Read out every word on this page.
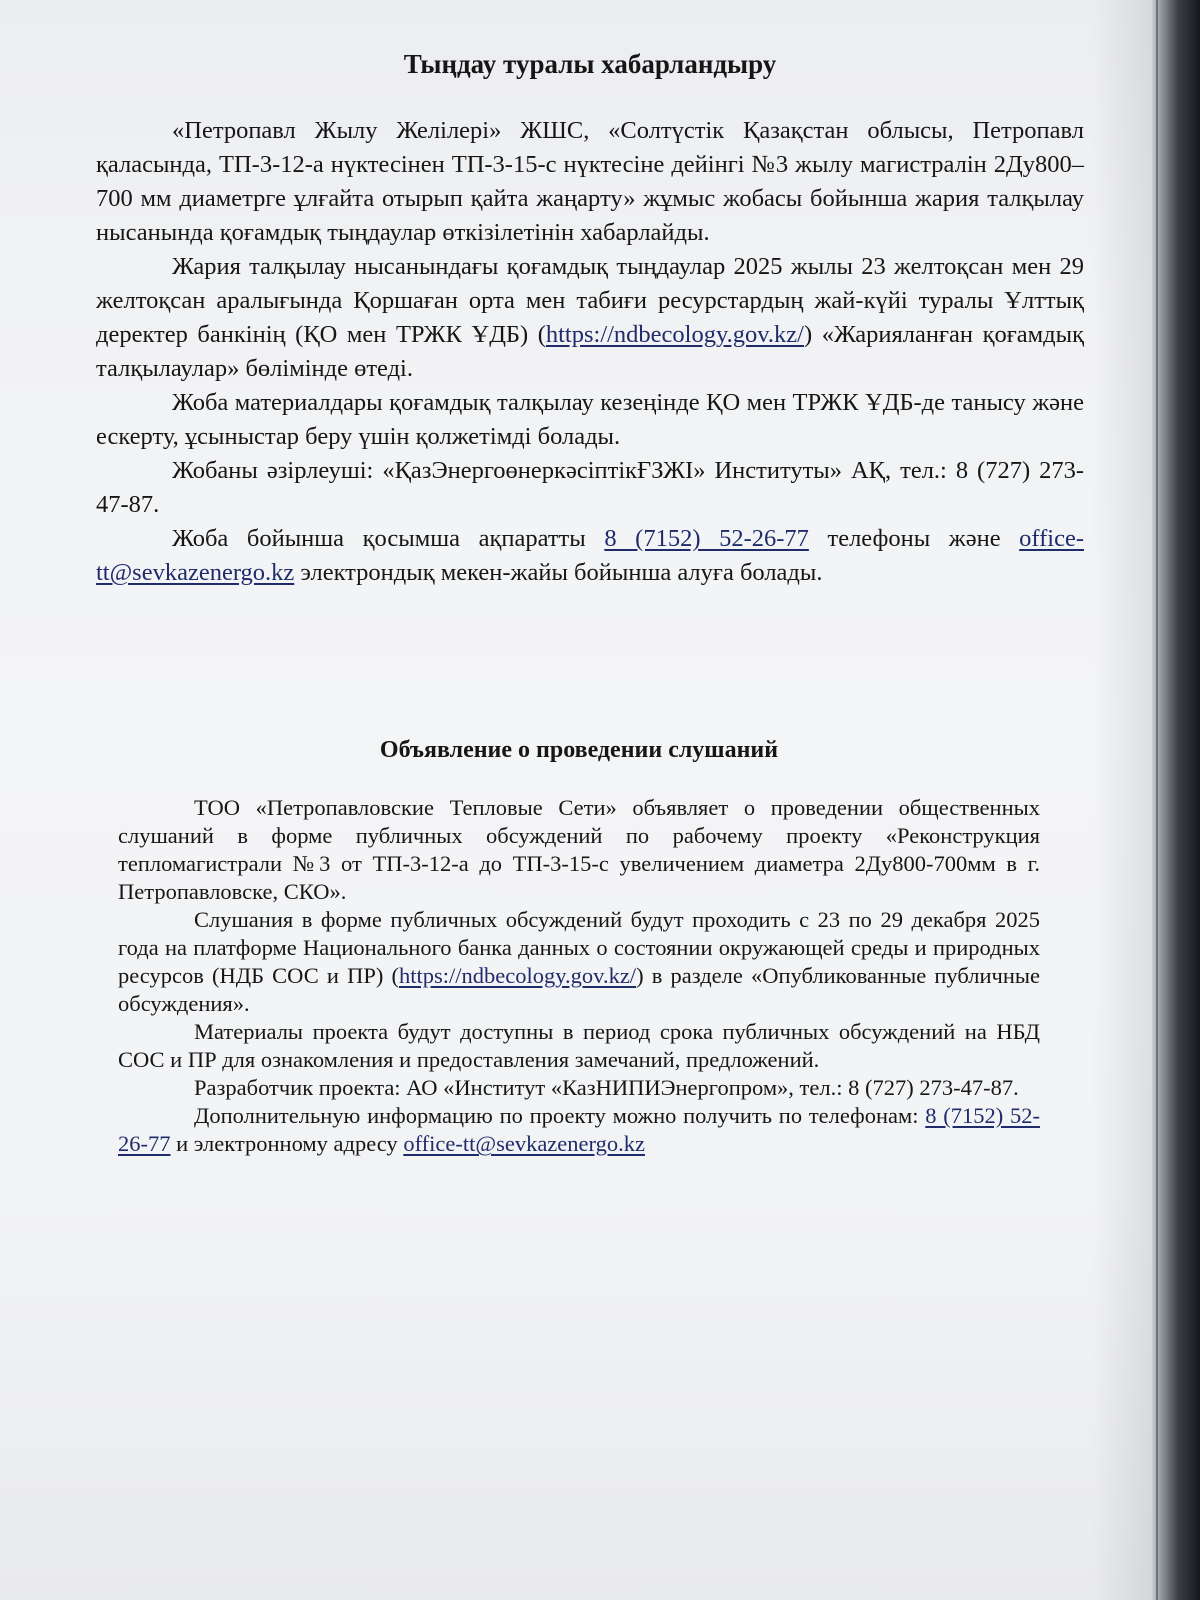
Тыңдау туралы хабарландыру

«Петропавл Жылу Желілері» ЖШС, «Солтүстік Қазақстан облысы, Петропавл қаласында, ТП-3-12-а нүктесінен ТП-3-15-с нүктесіне дейінгі №3 жылу магистралін 2Ду800–700 мм диаметрге ұлғайта отырып қайта жаңарту» жұмыс жобасы бойынша жария талқылау нысанында қоғамдық тыңдаулар өткізілетінін хабарлайды.

Жария талқылау нысанындағы қоғамдық тыңдаулар 2025 жылы 23 желтоқсан мен 29 желтоқсан аралығында Қоршаған орта мен табиғи ресурстардың жай-күйі туралы Ұлттық деректер банкінің (ҚО мен ТРЖК ҰДБ) (https://ndbecology.gov.kz/) «Жарияланған қоғамдық талқылаулар» бөлімінде өтеді.

Жоба материалдары қоғамдық талқылау кезеңінде ҚО мен ТРЖК ҰДБ-де танысу және ескерту, ұсыныстар беру үшін қолжетімді болады.

Жобаны әзірлеуші: «ҚазЭнергоөнеркәсіптікҒЗЖІ» Институты» АҚ, тел.: 8 (727) 273-47-87.

Жоба бойынша қосымша ақпаратты 8 (7152) 52-26-77 телефоны және office-tt@sevkazenergo.kz электрондық мекен-жайы бойынша алуға болады.

Объявление о проведении слушаний

ТОО «Петропавловские Тепловые Сети» объявляет о проведении общественных слушаний в форме публичных обсуждений по рабочему проекту «Реконструкция тепломагистрали №3 от ТП-3-12-а до ТП-3-15-с увеличением диаметра 2Ду800-700мм в г. Петропавловске, СКО».

Слушания в форме публичных обсуждений будут проходить с 23 по 29 декабря 2025 года на платформе Национального банка данных о состоянии окружающей среды и природных ресурсов (НДБ СОС и ПР) (https://ndbecology.gov.kz/) в разделе «Опубликованные публичные обсуждения».

Материалы проекта будут доступны в период срока публичных обсуждений на НБД СОС и ПР для ознакомления и предоставления замечаний, предложений.

Разработчик проекта: АО «Институт «КазНИПИЭнергопром», тел.: 8 (727) 273-47-87.

Дополнительную информацию по проекту можно получить по телефонам: 8 (7152) 52-26-77 и электронному адресу office-tt@sevkazenergo.kz
